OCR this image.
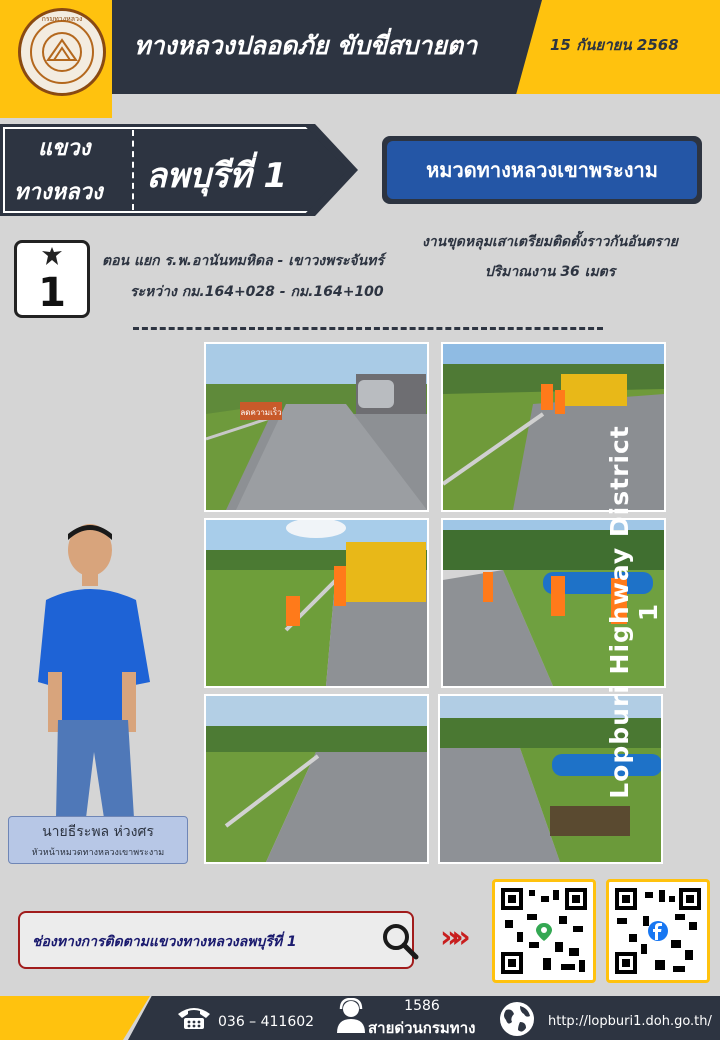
กรมทางหลวง
ทางหลวงปลอดภัย ขับขี่สบายตา	15 กันยายน 2568
แขวง
ทางหลวง ลพบุรีที่ 1	หมวดทางหลวงเขาพระงาม
1
ตอน แยก ร.พ.อานันทมหิดล - เขาวงพระจันทร์
ระหว่าง กม.164+028 - กม.164+100
งานขุดหลุมเสาเตรียมติดตั้งราวกันอันตราย
ปริมาณงาน 36 เมตร
ลดความเร็ว
Lopburi Highway District 1
นายธีระพล ห่วงศร
หัวหน้าหมวดทางหลวงเขาพระงาม
ช่องทางการติดตามแขวงทางหลวงลพบุรีที่ 1	»»
036 – 411602
1586
สายด่วนกรมทาง	http://lopburi1.doh.go.th/
